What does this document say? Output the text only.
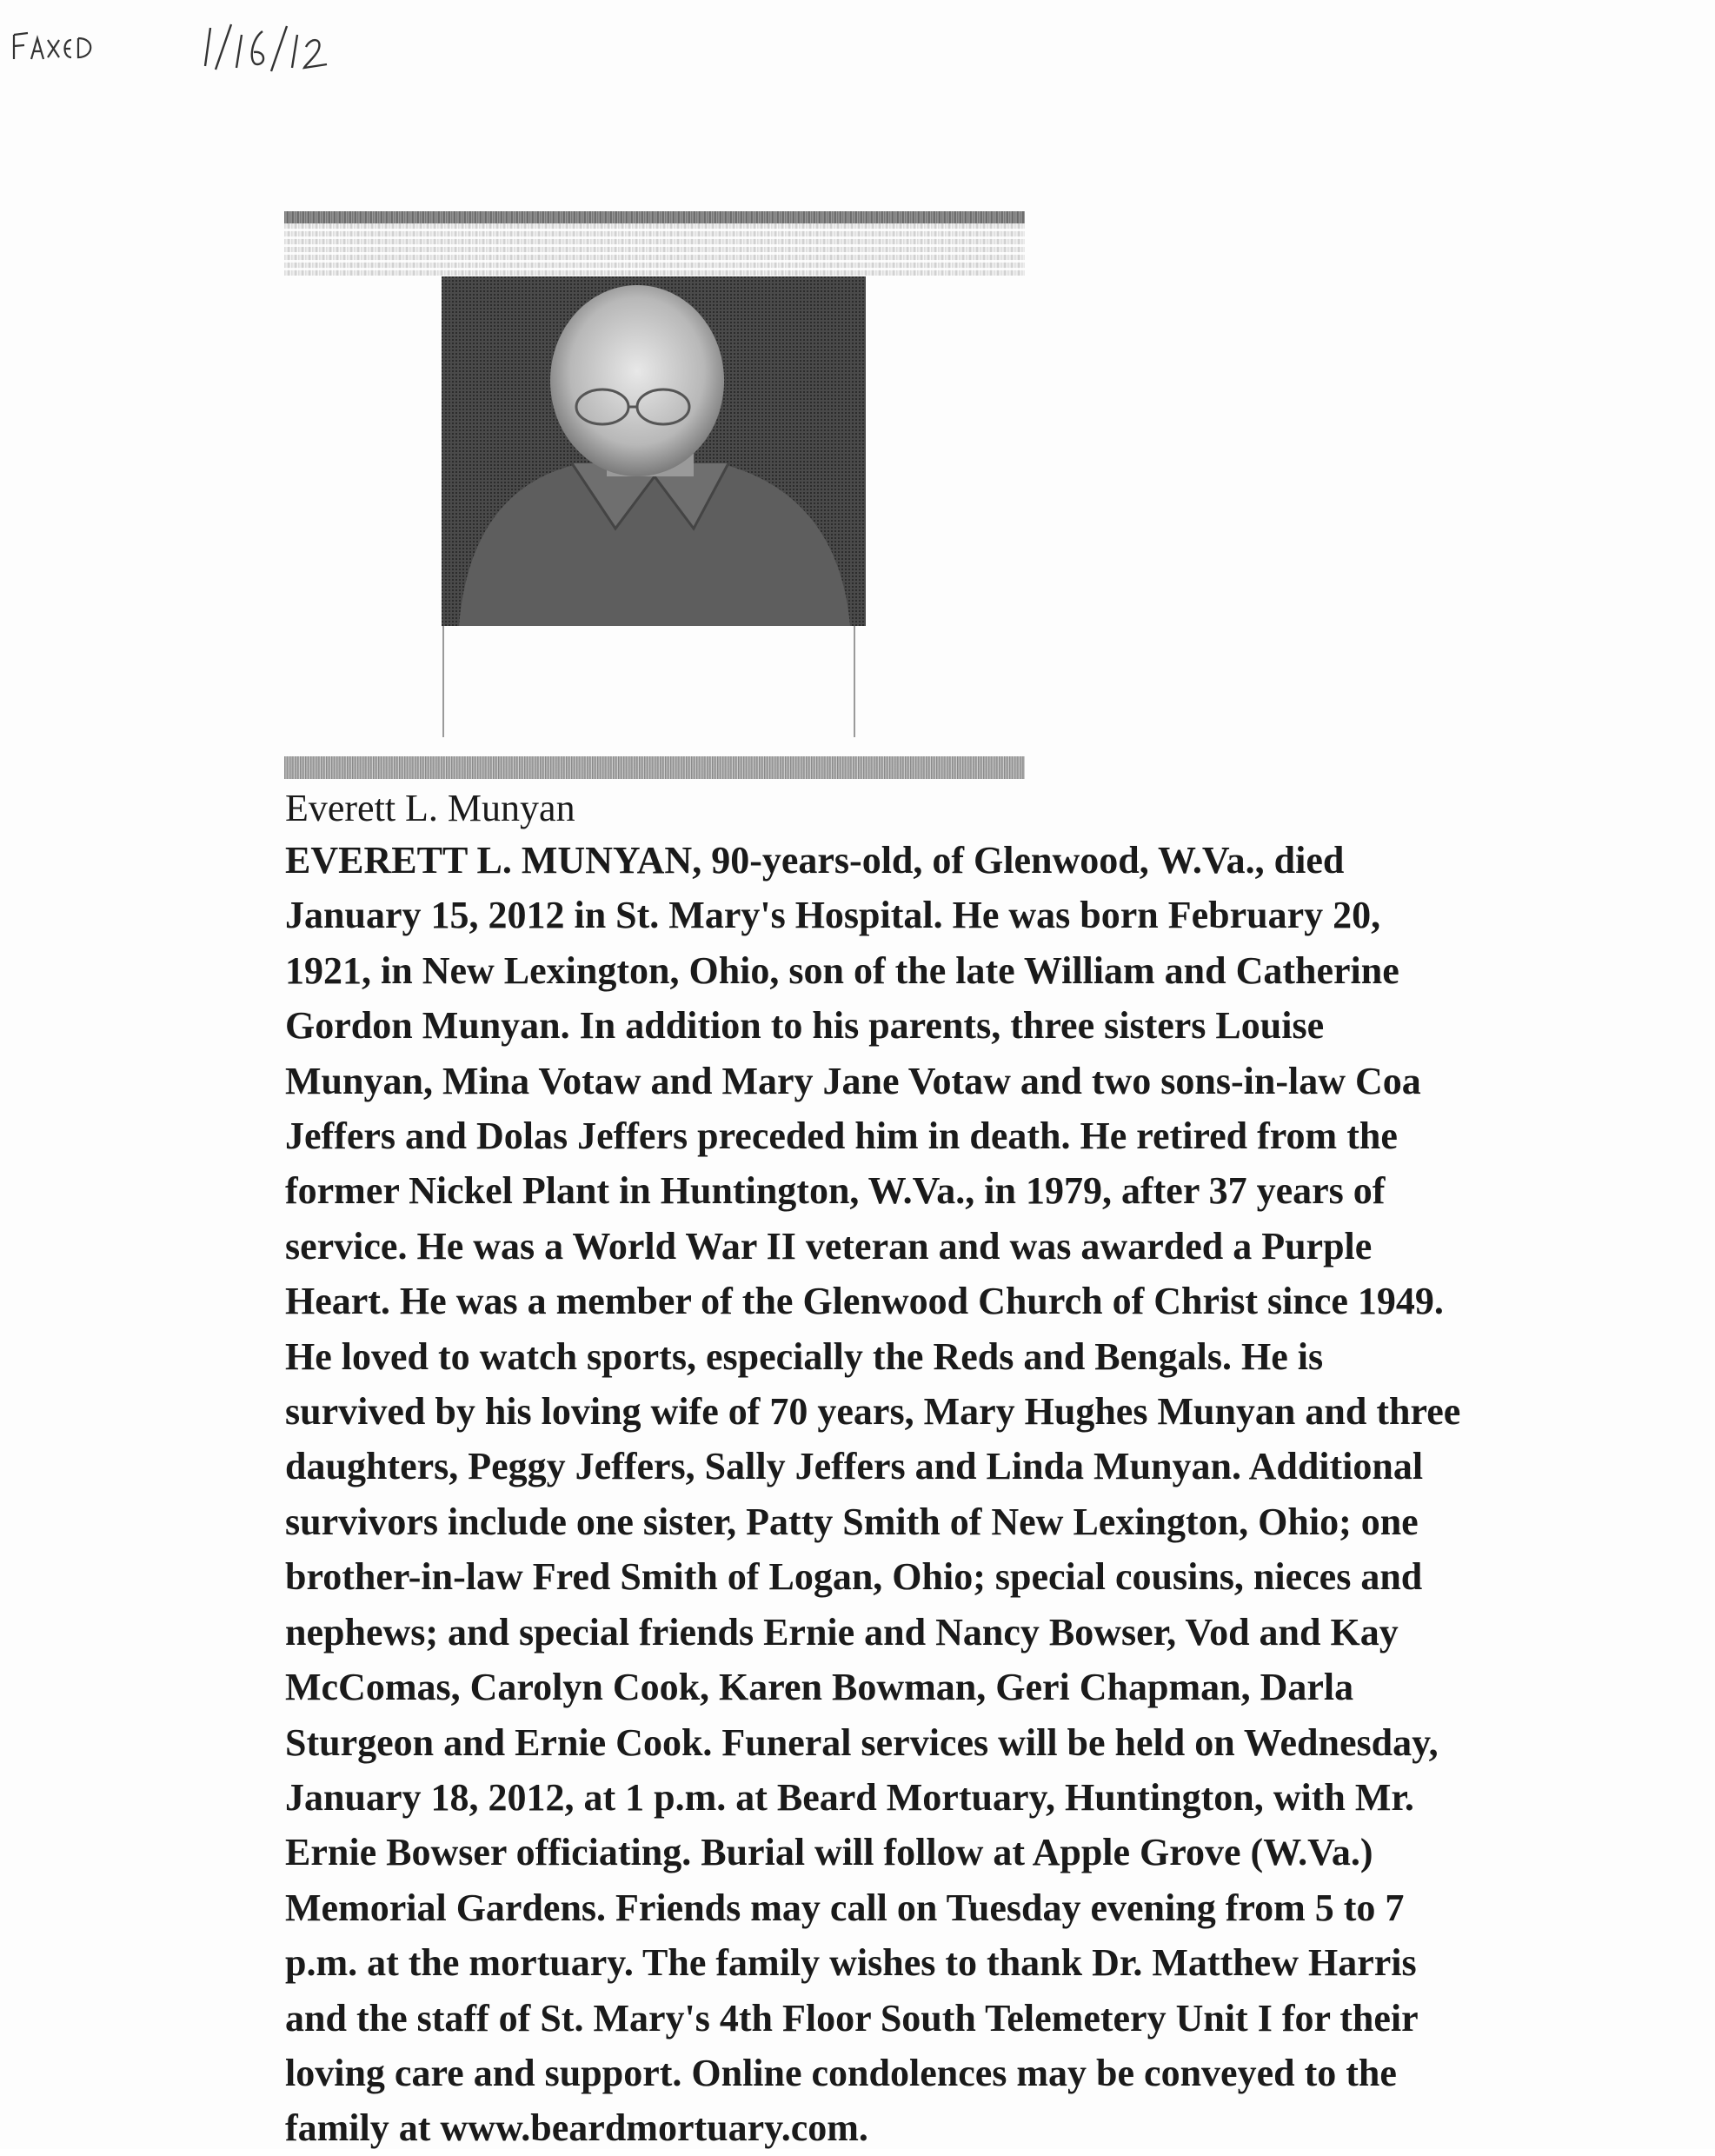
Everett L. Munyan
EVERETT L. MUNYAN, 90-years-old, of Glenwood, W.Va., died
January 15, 2012 in St. Mary's Hospital. He was born February 20,
1921, in New Lexington, Ohio, son of the late William and Catherine
Gordon Munyan. In addition to his parents, three sisters Louise
Munyan, Mina Votaw and Mary Jane Votaw and two sons-in-law Coa
Jeffers and Dolas Jeffers preceded him in death. He retired from the
former Nickel Plant in Huntington, W.Va., in 1979, after 37 years of
service. He was a World War II veteran and was awarded a Purple
Heart. He was a member of the Glenwood Church of Christ since 1949.
He loved to watch sports, especially the Reds and Bengals. He is
survived by his loving wife of 70 years, Mary Hughes Munyan and three
daughters, Peggy Jeffers, Sally Jeffers and Linda Munyan. Additional
survivors include one sister, Patty Smith of New Lexington, Ohio; one
brother-in-law Fred Smith of Logan, Ohio; special cousins, nieces and
nephews; and special friends Ernie and Nancy Bowser, Vod and Kay
McComas, Carolyn Cook, Karen Bowman, Geri Chapman, Darla
Sturgeon and Ernie Cook. Funeral services will be held on Wednesday,
January 18, 2012, at 1 p.m. at Beard Mortuary, Huntington, with Mr.
Ernie Bowser officiating. Burial will follow at Apple Grove (W.Va.)
Memorial Gardens. Friends may call on Tuesday evening from 5 to 7
p.m. at the mortuary. The family wishes to thank Dr. Matthew Harris
and the staff of St. Mary's 4th Floor South Telemetery Unit I for their
loving care and support. Online condolences may be conveyed to the
family at www.beardmortuary.com.
